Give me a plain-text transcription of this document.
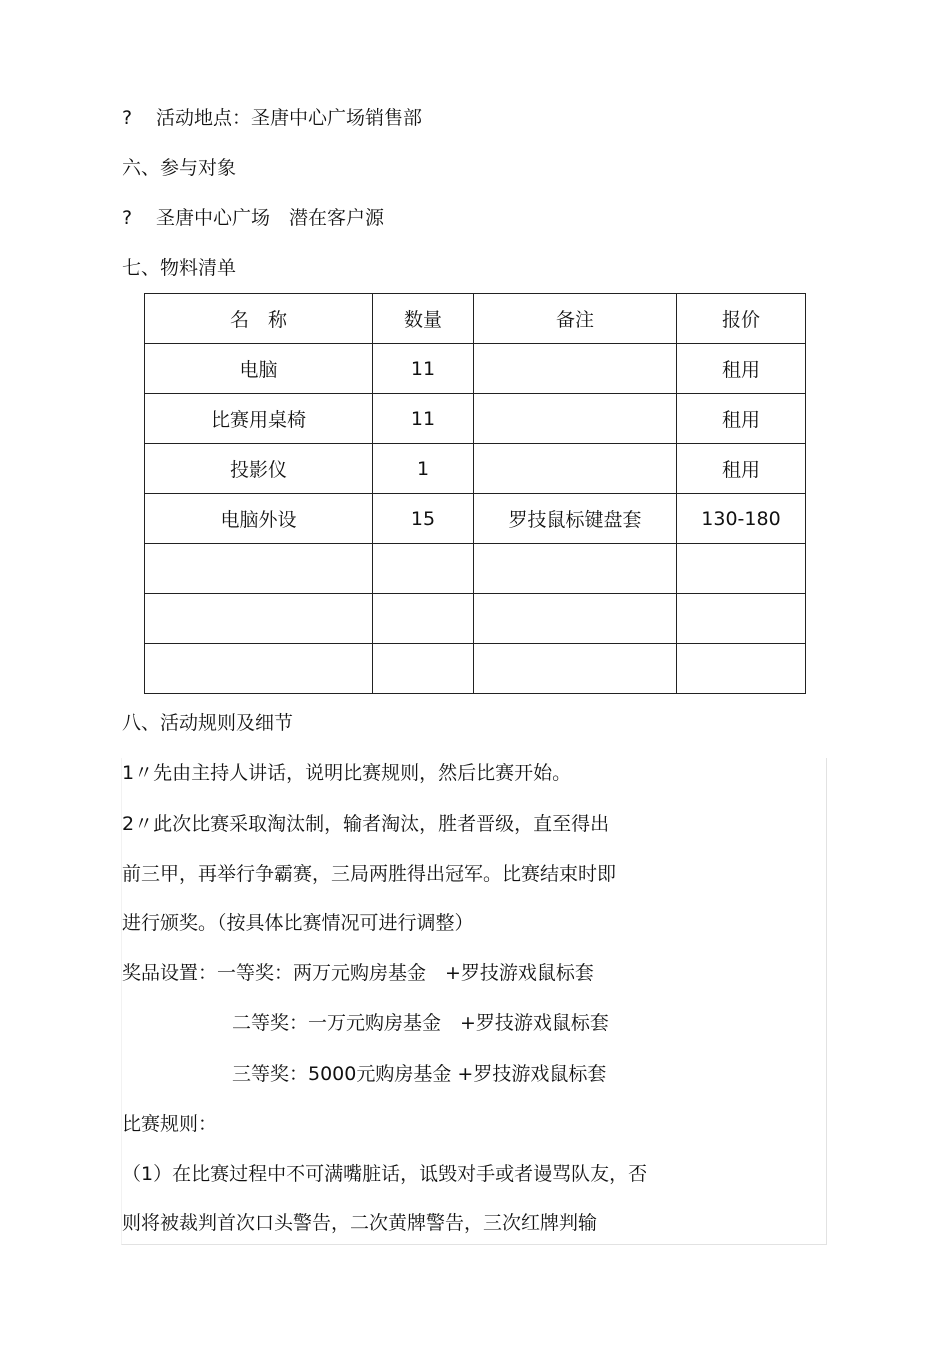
? 活动地点：圣唐中心广场销售部
六、参与对象
? 圣唐中心广场　潜在客户源
七、物料清单
名　称	数量	备注	报价
电脑	11		租用
比赛用桌椅	11		租用
投影仪	1		租用
电脑外设	15	罗技鼠标键盘套	130-180

八、活动规则及细节
1〃先由主持人讲话，说明比赛规则，然后比赛开始。
2〃此次比赛采取淘汰制，输者淘汰，胜者晋级，直至得出
前三甲，再举行争霸赛，三局两胜得出冠军。比赛结束时即
进行颁奖。（按具体比赛情况可进行调整）
奖品设置：一等奖：两万元购房基金　+罗技游戏鼠标套
二等奖：一万元购房基金　+罗技游戏鼠标套
三等奖：5000元购房基金 +罗技游戏鼠标套
比赛规则：
（1）在比赛过程中不可满嘴脏话，诋毁对手或者谩骂队友，否
则将被裁判首次口头警告，二次黄牌警告，三次红牌判输
